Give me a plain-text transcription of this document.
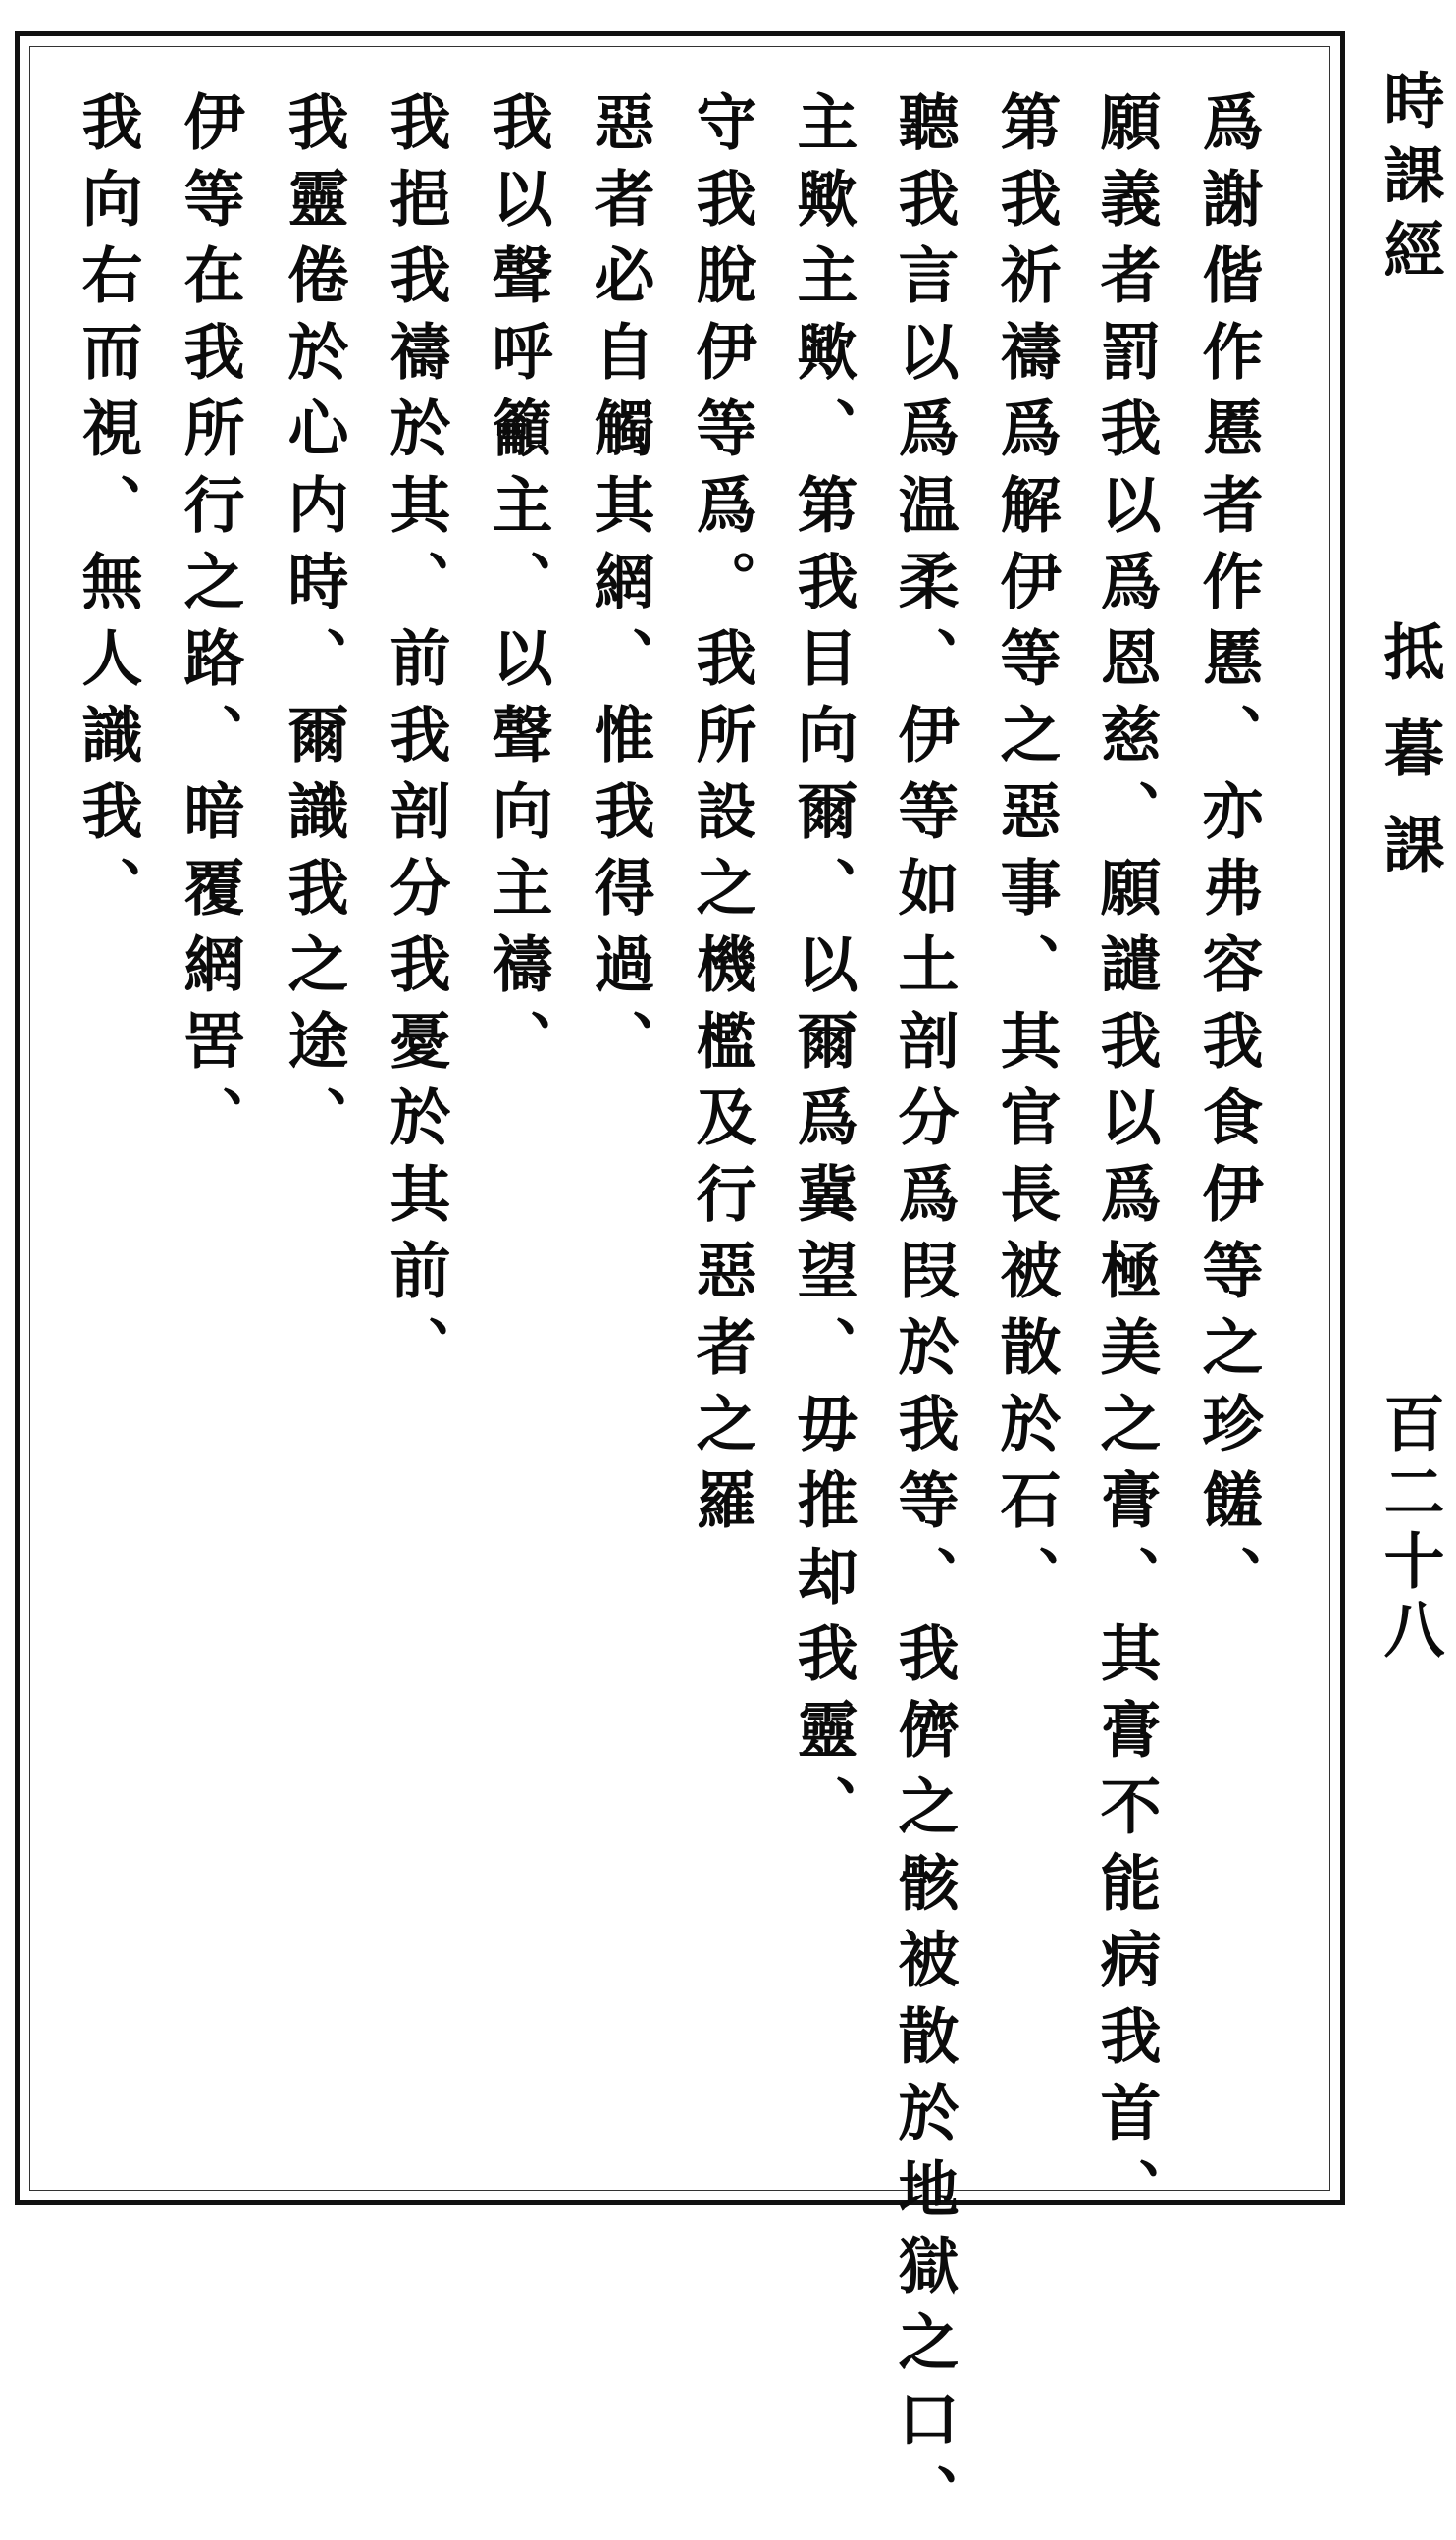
爲謝偕作慝者作慝、亦弗容我食伊等之珍饈、
願義者罰我以爲恩慈、願譴我以爲極美之膏、其膏不能病我首、
第我祈禱爲解伊等之惡事、其官長被散於石、
聽我言以爲温柔、伊等如土剖分爲叚於我等、我儕之骸被散於地獄之口、
主歟主歟、第我目向爾、以爾爲冀望、毋推却我靈、
守我脫伊等爲。我所設之機檻及行惡者之羅
惡者必自觸其網、惟我得過、
我以聲呼籲主、以聲向主禱、
我挹我禱於其、前我剖分我憂於其前、
我靈倦於心内時、爾識我之途、
伊等在我所行之路、暗覆網罟、
我向右而視、無人識我、	時課經
抵暮課
百二十八
